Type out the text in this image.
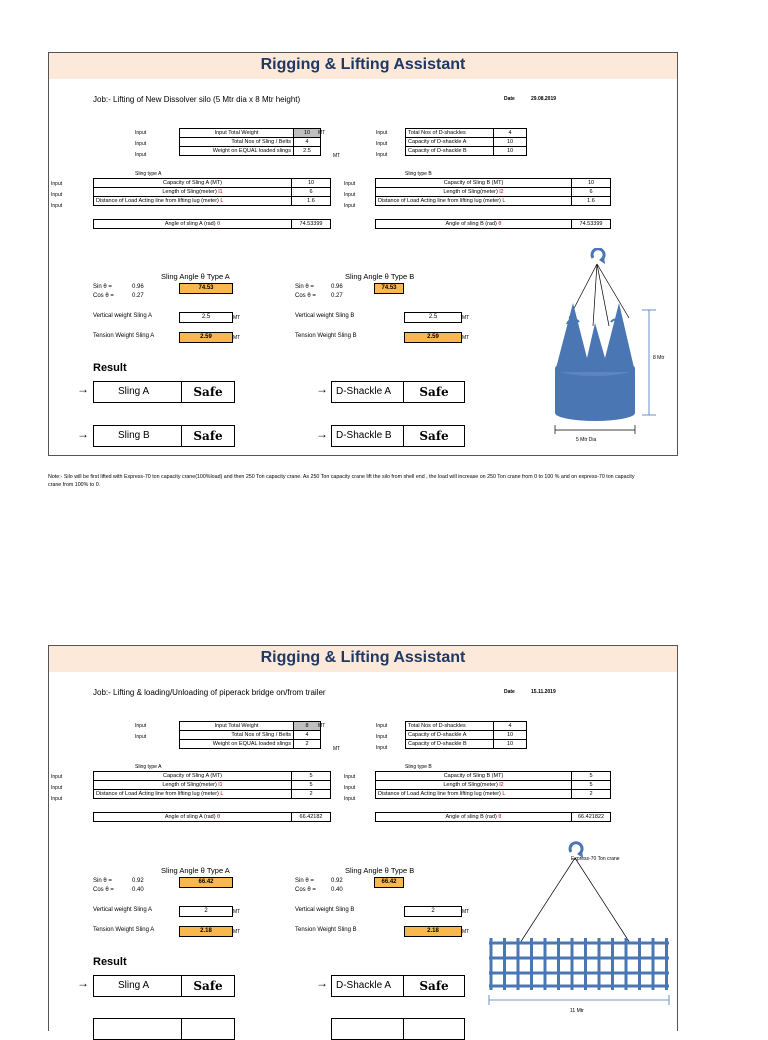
Rigging & Lifting Assistant
Job:- Lifting of New Dissolver silo (5 Mtr dia x 8 Mtr height)	Date	29.08.2019
Input
Input
Input
Input Total Weight	10
Total Nos of Sling / Belts	4
Weight on EQUAL loaded slings	2.5
MT
MT
Input
Input
Input
Total Nos of D-shackles	4
Capacity of D-shackle A	10
Capacity of D-shackle B	10
Sling type A	Sling type B
Input
Input
Input
Capacity of Sling A (MT)	10
Length of Sling(meter) l1	6
Distance of Load Acting line from lifting lug (meter) L	1.6
Input
Input
Input
Capacity of Sling B (MT)	10
Length of Sling(meter) l2	6
Distance of Load Acting line from lifting lug (meter) L	1.6
Angle of sling A (rad) θ	74.53399	Angle of sling B (rad) θ	74.53399
Sling Angle θ Type A	Sling Angle θ Type B
Sin θ =	0.96
Cos θ =	0.27
74.53	Sin θ =	0.96
Cos θ =	0.27
74.53
Vertical weight Sling A	2.5	MT	Vertical weight Sling B	2.5	MT
Tension Weight Sling A	2.59	MT	Tension Weight Sling B	2.59	MT
Result
→	Sling A	Safe	→ D-Shackle A	Safe
→	Sling B	Safe	→ D-Shackle B	Safe
8 Mtr
5 Mtr Dia
Note:- Silo will be first lifted with Express-70 ton capacity crane(100%load) and then 250 Ton capacity crane. As 250 Ton capacity crane lift the silo from shell end , the load will increase on 250 Ton crane from 0 to 100 % and on express-70 ton capacity crane from 100% to 0.
Rigging & Lifting Assistant
Job:- Lifting & loading/Unloading of piperack bridge on/from trailer	Date	15.11.2019
Input
Input
Input Total Weight	8
Total Nos of Sling / Belts	4
Weight on EQUAL loaded slings	2
MT
MT
Input
Input
Input
Total Nos of D-shackles	4
Capacity of D-shackle A	10
Capacity of D-shackle B	10
Sling type A	Sling type B
Input
Input
Input
Capacity of Sling A (MT)	5
Length of Sling(meter) l1	5
Distance of Load Acting line from lifting lug (meter) L	2
Input
Input
Input
Capacity of Sling B (MT)	5
Length of Sling(meter) l2	5
Distance of Load Acting line from lifting lug (meter) L	2
Angle of sling A (rad) θ	66.42182	Angle of sling B (rad) θ	66.421822
Sling Angle θ Type A	Sling Angle θ Type B
Sin θ =	0.92
Cos θ =	0.40
66.42	Sin θ =	0.92
Cos θ =	0.40
66.42
Vertical weight Sling A	2	MT	Vertical weight Sling B	2	MT
Tension Weight Sling A	2.18	MT	Tension Weight Sling B	2.18	MT
Result
→	Sling A	Safe	→ D-Shackle A	Safe
Express-70 Ton crane
11 Mtr
